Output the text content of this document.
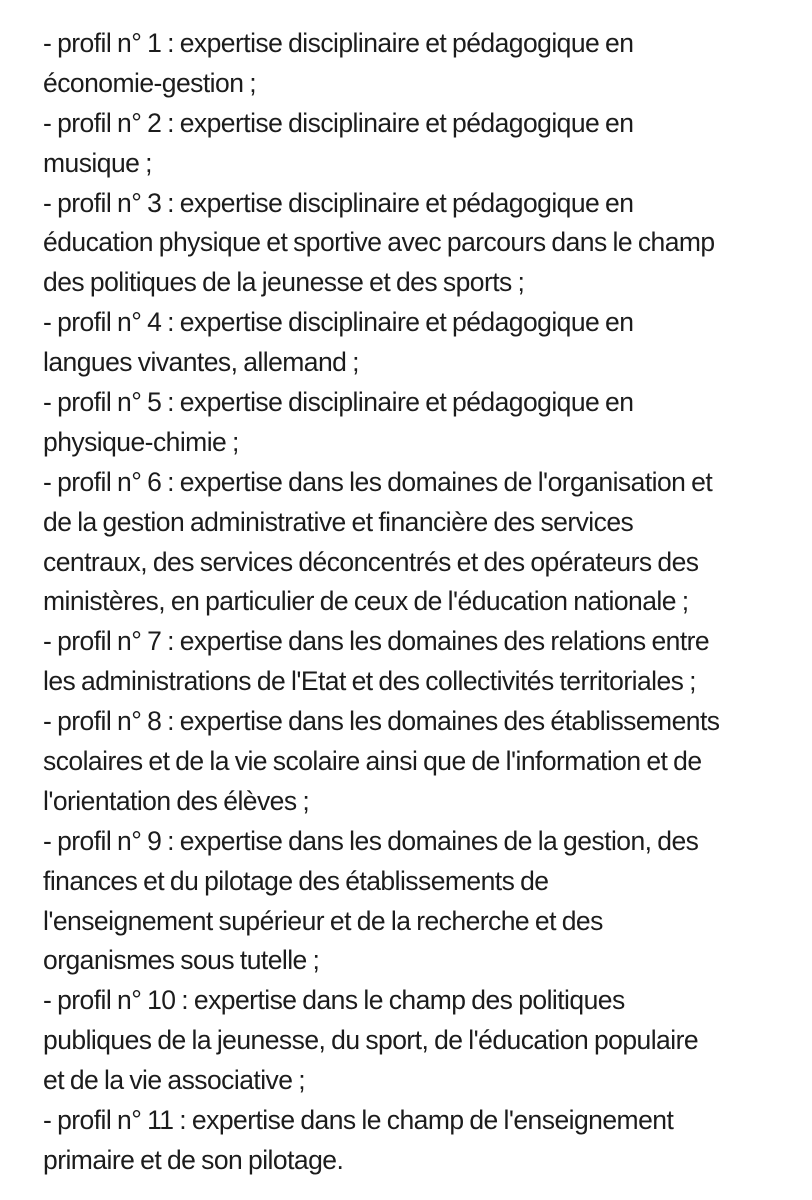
- profil n° 1 : expertise disciplinaire et pédagogique en
économie-gestion ;
- profil n° 2 : expertise disciplinaire et pédagogique en
musique ;
- profil n° 3 : expertise disciplinaire et pédagogique en
éducation physique et sportive avec parcours dans le champ
des politiques de la jeunesse et des sports ;
- profil n° 4 : expertise disciplinaire et pédagogique en
langues vivantes, allemand ;
- profil n° 5 : expertise disciplinaire et pédagogique en
physique-chimie ;
- profil n° 6 : expertise dans les domaines de l'organisation et
de la gestion administrative et financière des services
centraux, des services déconcentrés et des opérateurs des
ministères, en particulier de ceux de l'éducation nationale ;
- profil n° 7 : expertise dans les domaines des relations entre
les administrations de l'Etat et des collectivités territoriales ;
- profil n° 8 : expertise dans les domaines des établissements
scolaires et de la vie scolaire ainsi que de l'information et de
l'orientation des élèves ;
- profil n° 9 : expertise dans les domaines de la gestion, des
finances et du pilotage des établissements de
l'enseignement supérieur et de la recherche et des
organismes sous tutelle ;
- profil n° 10 : expertise dans le champ des politiques
publiques de la jeunesse, du sport, de l'éducation populaire
et de la vie associative ;
- profil n° 11 : expertise dans le champ de l'enseignement
primaire et de son pilotage.
